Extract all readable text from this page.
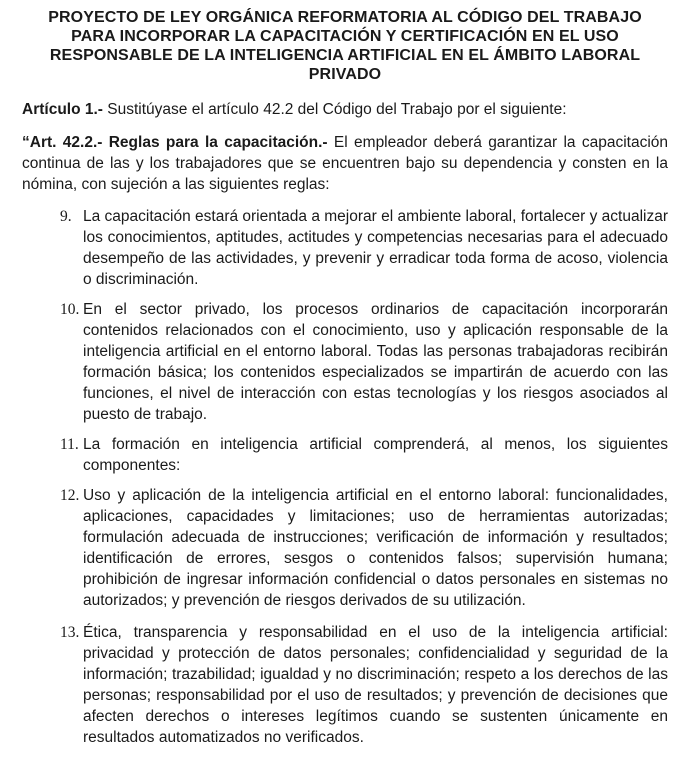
PROYECTO DE LEY ORGÁNICA REFORMATORIA AL CÓDIGO DEL TRABAJO
PARA INCORPORAR LA CAPACITACIÓN Y CERTIFICACIÓN EN EL USO
RESPONSABLE DE LA INTELIGENCIA ARTIFICIAL EN EL ÁMBITO LABORAL
PRIVADO
Artículo 1.- Sustitúyase el artículo 42.2 del Código del Trabajo por el siguiente:
“Art. 42.2.- Reglas para la capacitación.- El empleador deberá garantizar la capacitación continua de las y los trabajadores que se encuentren bajo su dependencia y consten en la nómina, con sujeción a las siguientes reglas:
9. La capacitación estará orientada a mejorar el ambiente laboral, fortalecer y actualizar los conocimientos, aptitudes, actitudes y competencias necesarias para el adecuado desempeño de las actividades, y prevenir y erradicar toda forma de acoso, violencia o discriminación.
10. En el sector privado, los procesos ordinarios de capacitación incorporarán contenidos relacionados con el conocimiento, uso y aplicación responsable de la inteligencia artificial en el entorno laboral. Todas las personas trabajadoras recibirán formación básica; los contenidos especializados se impartirán de acuerdo con las funciones, el nivel de interacción con estas tecnologías y los riesgos asociados al puesto de trabajo.
11. La formación en inteligencia artificial comprenderá, al menos, los siguientes componentes:
12. Uso y aplicación de la inteligencia artificial en el entorno laboral: funcionalidades, aplicaciones, capacidades y limitaciones; uso de herramientas autorizadas; formulación adecuada de instrucciones; verificación de información y resultados; identificación de errores, sesgos o contenidos falsos; supervisión humana; prohibición de ingresar información confidencial o datos personales en sistemas no autorizados; y prevención de riesgos derivados de su utilización.
13. Ética, transparencia y responsabilidad en el uso de la inteligencia artificial: privacidad y protección de datos personales; confidencialidad y seguridad de la información; trazabilidad; igualdad y no discriminación; respeto a los derechos de las personas; responsabilidad por el uso de resultados; y prevención de decisiones que afecten derechos o intereses legítimos cuando se sustenten únicamente en resultados automatizados no verificados.
